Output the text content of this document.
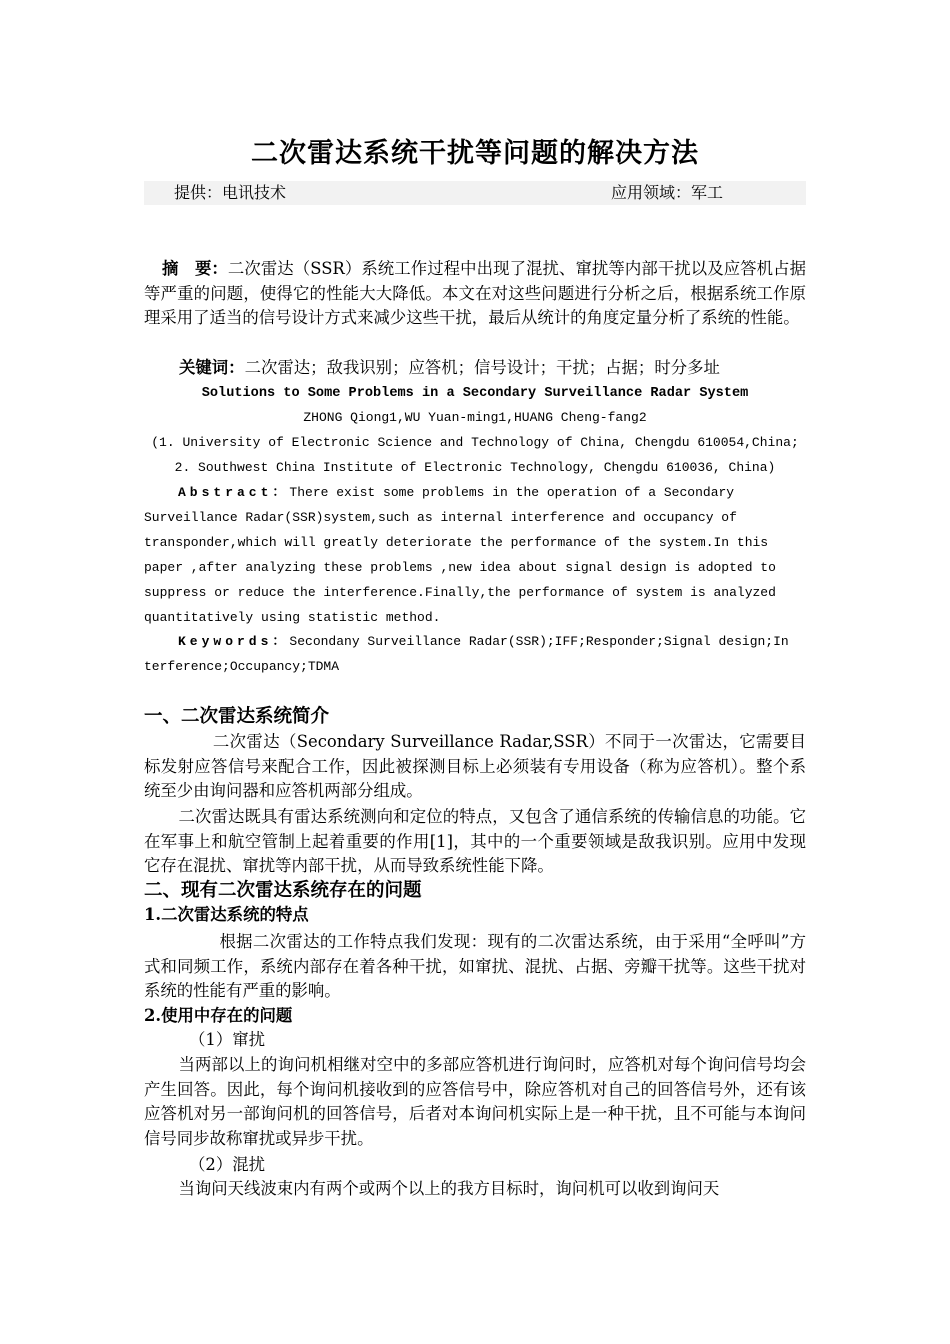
二次雷达系统干扰等问题的解决方法
提供：电讯技术	应用领域：军工
摘　要：二次雷达（SSR）系统工作过程中出现了混扰、窜扰等内部干扰以及应答机占据等严重的问题，使得它的性能大大降低。本文在对这些问题进行分析之后，根据系统工作原理采用了适当的信号设计方式来减少这些干扰，最后从统计的角度定量分析了系统的性能。
关键词：二次雷达；敌我识别；应答机；信号设计；干扰；占据；时分多址
Solutions to Some Problems in a Secondary Surveillance Radar System
ZHONG Qiong1,WU Yuan-ming1,HUANG Cheng-fang2
(1. University of Electronic Science and Technology of China, Chengdu 610054,China;
2. Southwest China Institute of Electronic Technology, Chengdu 610036, China)
Abstract：There exist some problems in the operation of a Secondary Surveillance Radar(SSR)system,such as internal interference and occupancy of transponder,which will greatly deteriorate the performance of the system.In this paper ,after analyzing these problems ,new idea about signal design is adopted to suppress or reduce the interference.Finally,the performance of system is analyzed quantitatively using statistic method.
Keywords：Secondany Surveillance Radar(SSR);IFF;Responder;Signal design;In terference;Occupancy;TDMA
一、二次雷达系统简介
二次雷达（Secondary Surveillance Radar,SSR）不同于一次雷达，它需要目标发射应答信号来配合工作，因此被探测目标上必须装有专用设备（称为应答机）。整个系统至少由询问器和应答机两部分组成。
二次雷达既具有雷达系统测向和定位的特点，又包含了通信系统的传输信息的功能。它在军事上和航空管制上起着重要的作用[1]，其中的一个重要领域是敌我识别。应用中发现它存在混扰、窜扰等内部干扰，从而导致系统性能下降。
二、现有二次雷达系统存在的问题
1.二次雷达系统的特点
根据二次雷达的工作特点我们发现：现有的二次雷达系统，由于采用“全呼叫”方式和同频工作，系统内部存在着各种干扰，如窜扰、混扰、占据、旁瓣干扰等。这些干扰对系统的性能有严重的影响。
2.使用中存在的问题
（1）窜扰
当两部以上的询问机相继对空中的多部应答机进行询问时，应答机对每个询问信号均会产生回答。因此，每个询问机接收到的应答信号中，除应答机对自己的回答信号外，还有该应答机对另一部询问机的回答信号，后者对本询问机实际上是一种干扰，且不可能与本询问信号同步故称窜扰或异步干扰。
（2）混扰
当询问天线波束内有两个或两个以上的我方目标时，询问机可以收到询问天
